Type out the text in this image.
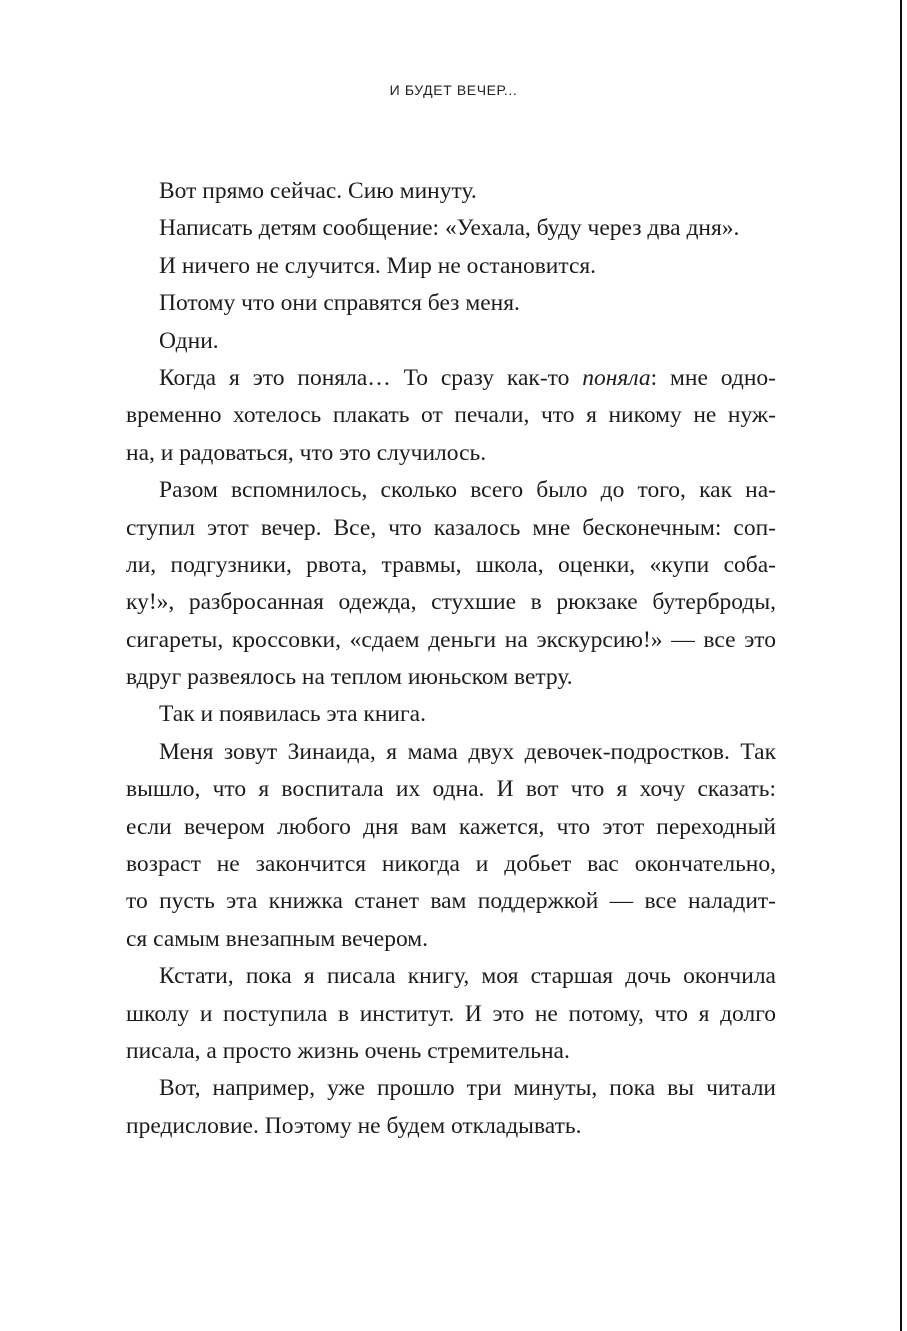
И БУДЕТ ВЕЧЕР...
Вот прямо сейчас. Сию минуту.
Написать детям сообщение: «Уехала, буду через два дня».
И ничего не случится. Мир не остановится.
Потому что они справятся без меня.
Одни.
Когда я это поняла… То сразу как-то поняла: мне одно-
временно хотелось плакать от печали, что я никому не нуж-
на, и радоваться, что это случилось.
Разом вспомнилось, сколько всего было до того, как на-
ступил этот вечер. Все, что казалось мне бесконечным: соп-
ли, подгузники, рвота, травмы, школа, оценки, «купи соба-
ку!», разбросанная одежда, стухшие в рюкзаке бутерброды,
сигареты, кроссовки, «сдаем деньги на экскурсию!» — все это
вдруг развеялось на теплом июньском ветру.
Так и появилась эта книга.
Меня зовут Зинаида, я мама двух девочек-подростков. Так
вышло, что я воспитала их одна. И вот что я хочу сказать:
если вечером любого дня вам кажется, что этот переходный
возраст не закончится никогда и добьет вас окончательно,
то пусть эта книжка станет вам поддержкой — все наладит-
ся самым внезапным вечером.
Кстати, пока я писала книгу, моя старшая дочь окончила
школу и поступила в институт. И это не потому, что я долго
писала, а просто жизнь очень стремительна.
Вот, например, уже прошло три минуты, пока вы читали
предисловие. Поэтому не будем откладывать.
